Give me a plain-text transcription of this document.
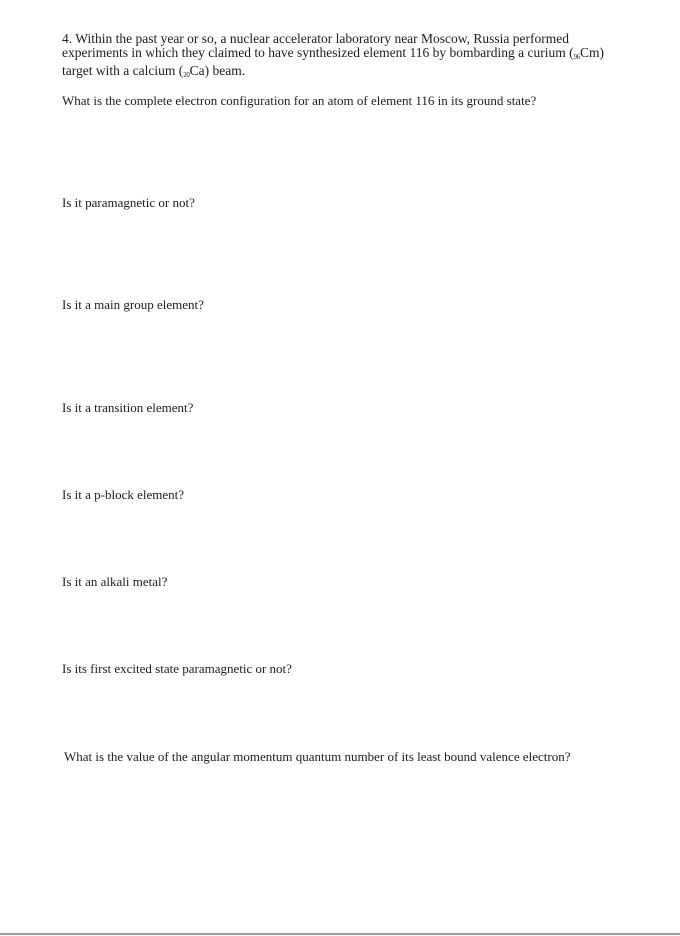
4. Within the past year or so, a nuclear accelerator laboratory near Moscow, Russia performed experiments in which they claimed to have synthesized element 116 by bombarding a curium $(_{96}Cm)$ target with a calcium $(_{20}Ca)$ beam.

What is the complete electron configuration for an atom of element 116 in its ground state?

Is it paramagnetic or not?

Is it a main group element?

Is it a transition element?

Is it a p-block element?

Is it an alkali metal?

Is its first excited state paramagnetic or not?

What is the value of the angular momentum quantum number of its least bound valence electron?
